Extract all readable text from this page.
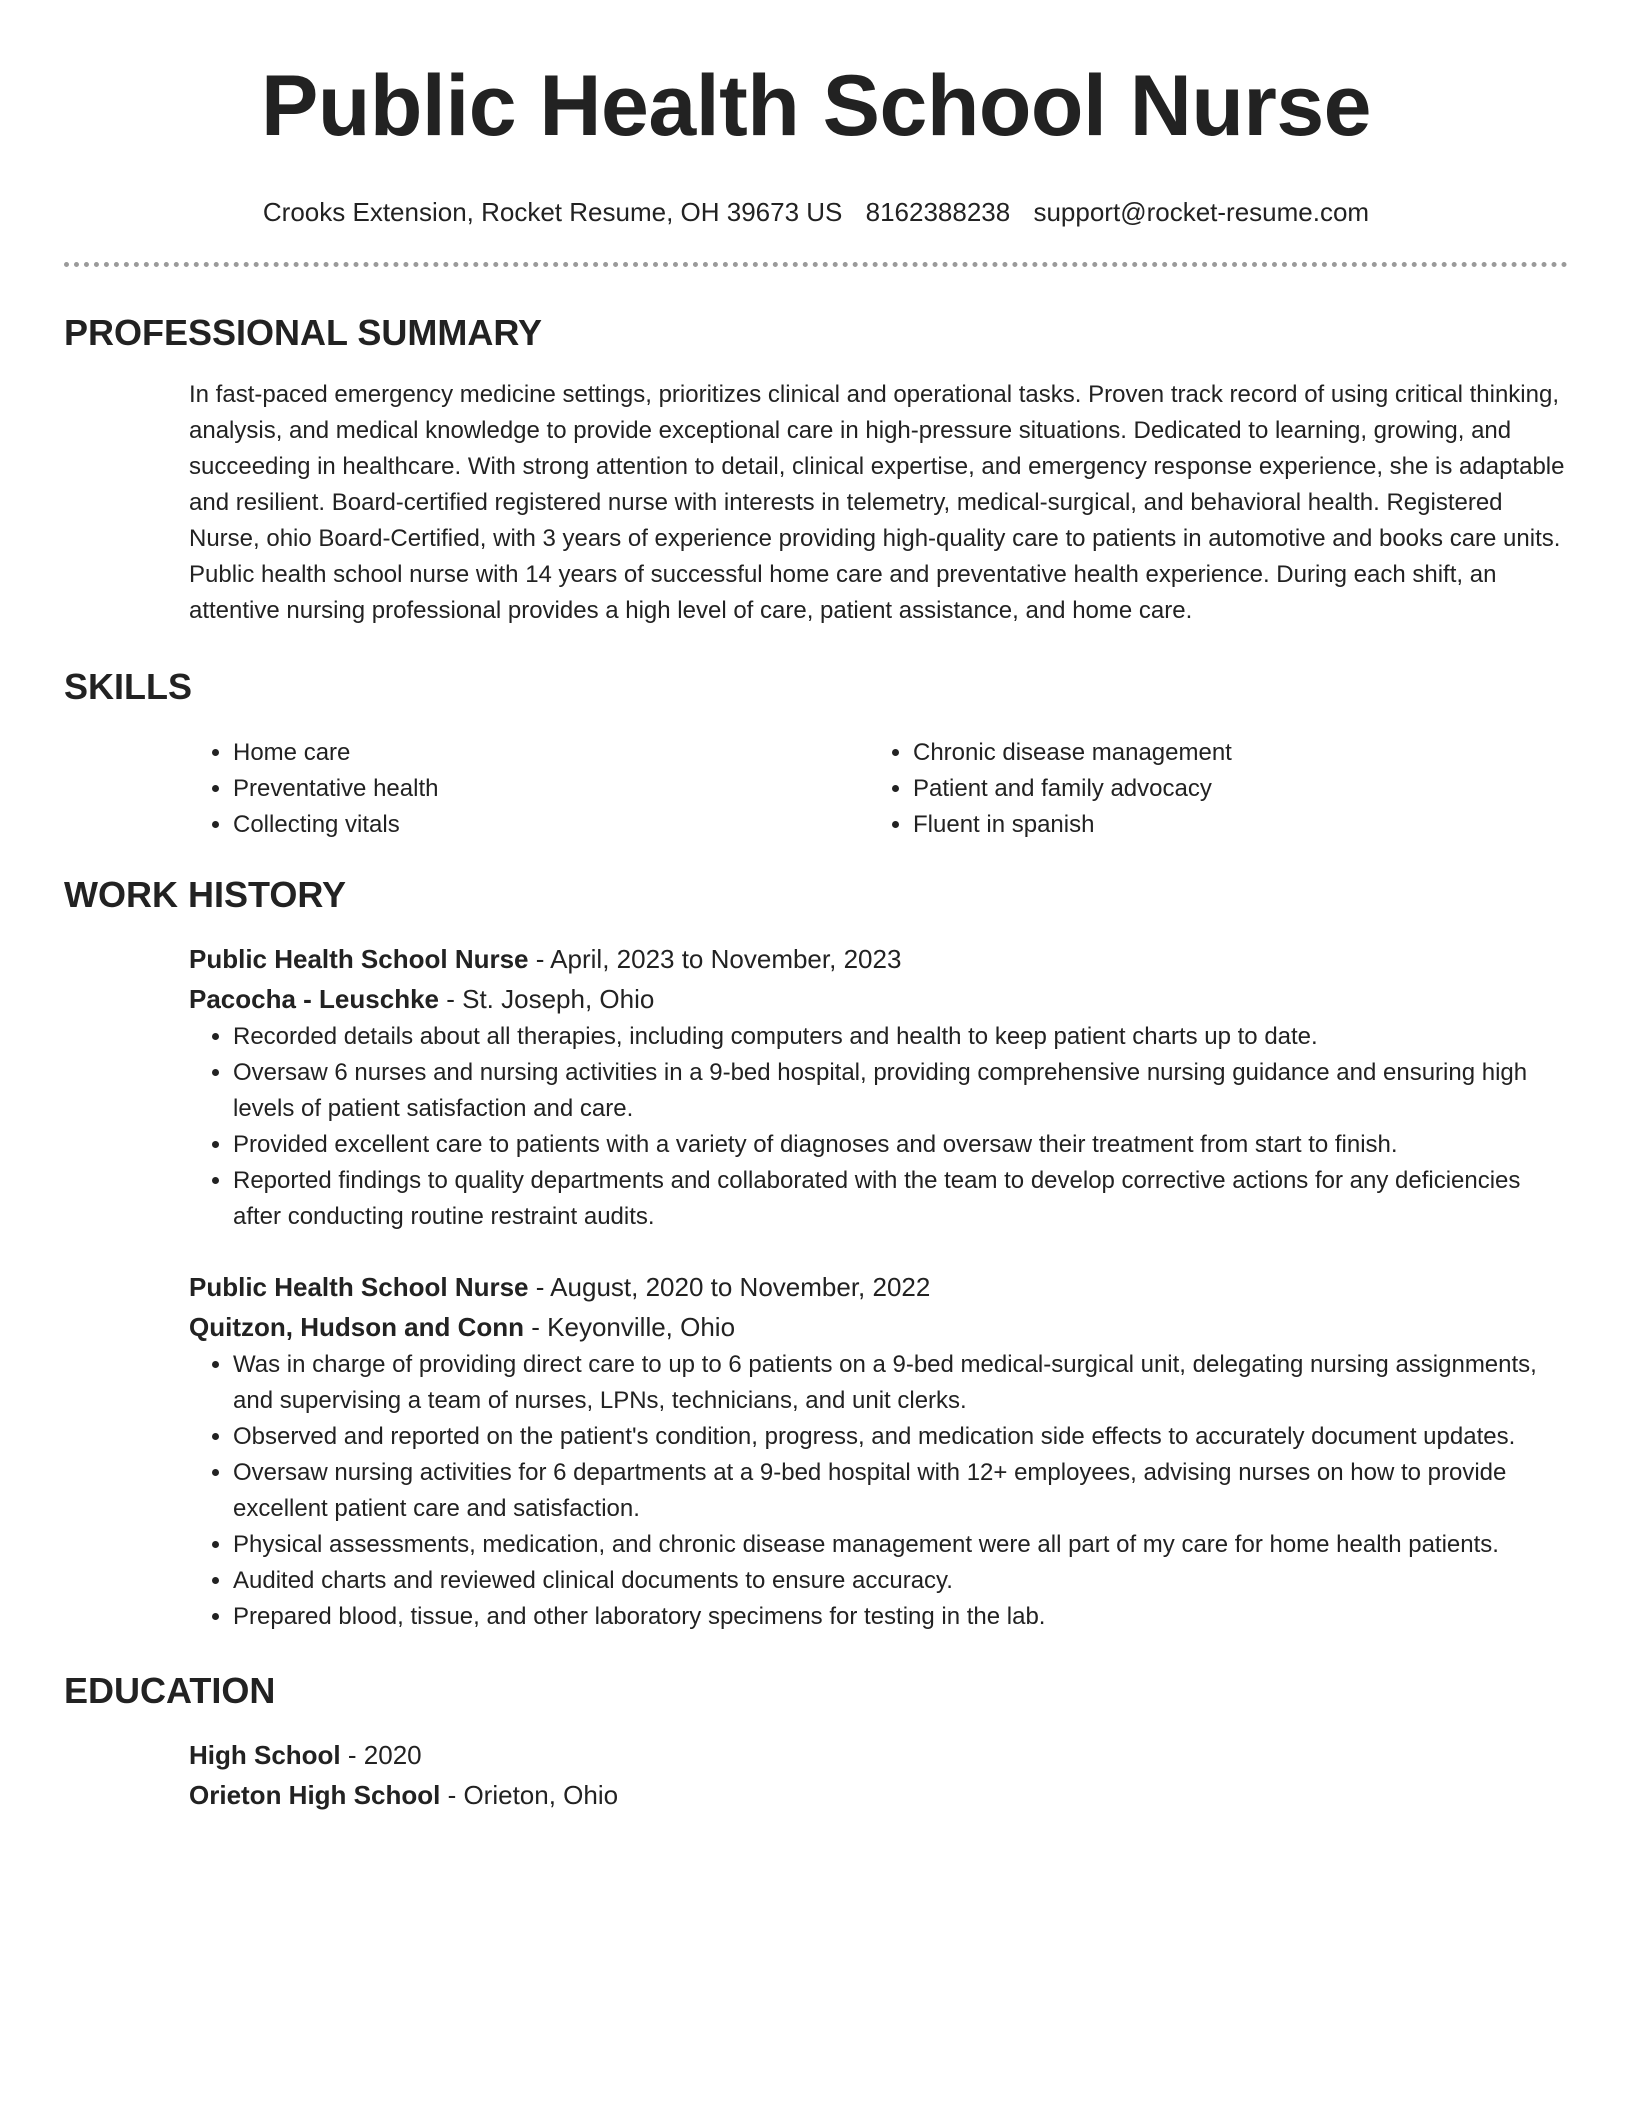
Public Health School Nurse
Crooks Extension, Rocket Resume, OH 39673 US 8162388238 support@rocket-resume.com
PROFESSIONAL SUMMARY

In fast-paced emergency medicine settings, prioritizes clinical and operational tasks. Proven track record of using critical thinking, analysis, and medical knowledge to provide exceptional care in high-pressure situations. Dedicated to learning, growing, and succeeding in healthcare. With strong attention to detail, clinical expertise, and emergency response experience, she is adaptable and resilient. Board-certified registered nurse with interests in telemetry, medical-surgical, and behavioral health. Registered Nurse, ohio Board-Certified, with 3 years of experience providing high-quality care to patients in automotive and books care units. Public health school nurse with 14 years of successful home care and preventative health experience. During each shift, an attentive nursing professional provides a high level of care, patient assistance, and home care.

SKILLS
• Home care
• Preventative health
• Collecting vitals
• Chronic disease management
• Patient and family advocacy
• Fluent in spanish
WORK HISTORY
Public Health School Nurse - April, 2023 to November, 2023
Pacocha - Leuschke - St. Joseph, Ohio
• Recorded details about all therapies, including computers and health to keep patient charts up to date.
• Oversaw 6 nurses and nursing activities in a 9-bed hospital, providing comprehensive nursing guidance and ensuring high levels of patient satisfaction and care.
• Provided excellent care to patients with a variety of diagnoses and oversaw their treatment from start to finish.
• Reported findings to quality departments and collaborated with the team to develop corrective actions for any deficiencies after conducting routine restraint audits.
Public Health School Nurse - August, 2020 to November, 2022
Quitzon, Hudson and Conn - Keyonville, Ohio
• Was in charge of providing direct care to up to 6 patients on a 9-bed medical-surgical unit, delegating nursing assignments, and supervising a team of nurses, LPNs, technicians, and unit clerks.
• Observed and reported on the patient's condition, progress, and medication side effects to accurately document updates.
• Oversaw nursing activities for 6 departments at a 9-bed hospital with 12+ employees, advising nurses on how to provide excellent patient care and satisfaction.
• Physical assessments, medication, and chronic disease management were all part of my care for home health patients.
• Audited charts and reviewed clinical documents to ensure accuracy.
• Prepared blood, tissue, and other laboratory specimens for testing in the lab.
EDUCATION
High School - 2020
Orieton High School - Orieton, Ohio
